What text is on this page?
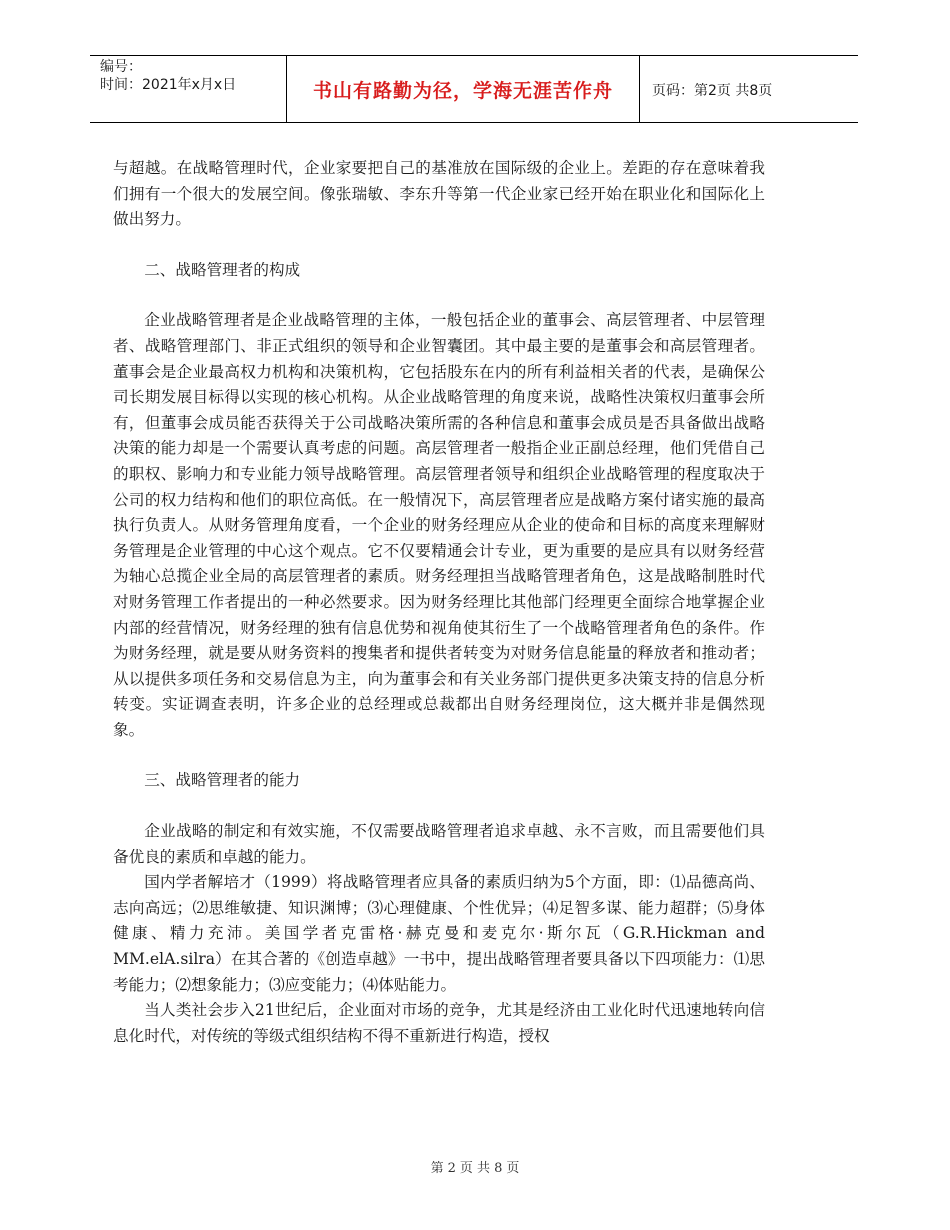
编号：
时间：2021年x月x日	书山有路勤为径，学海无涯苦作舟	页码：第2页 共8页

与超越。在战略管理时代，企业家要把自己的基准放在国际级的企业上。差距的存在意味着我们拥有一个很大的发展空间。像张瑞敏、李东升等第一代企业家已经开始在职业化和国际化上做出努力。

二、战略管理者的构成

企业战略管理者是企业战略管理的主体，一般包括企业的董事会、高层管理者、中层管理者、战略管理部门、非正式组织的领导和企业智囊团。其中最主要的是董事会和高层管理者。董事会是企业最高权力机构和决策机构，它包括股东在内的所有利益相关者的代表，是确保公司长期发展目标得以实现的核心机构。从企业战略管理的角度来说，战略性决策权归董事会所有，但董事会成员能否获得关于公司战略决策所需的各种信息和董事会成员是否具备做出战略决策的能力却是一个需要认真考虑的问题。高层管理者一般指企业正副总经理，他们凭借自己的职权、影响力和专业能力领导战略管理。高层管理者领导和组织企业战略管理的程度取决于公司的权力结构和他们的职位高低。在一般情况下，高层管理者应是战略方案付诸实施的最高执行负责人。从财务管理角度看，一个企业的财务经理应从企业的使命和目标的高度来理解财务管理是企业管理的中心这个观点。它不仅要精通会计专业，更为重要的是应具有以财务经营为轴心总揽企业全局的高层管理者的素质。财务经理担当战略管理者角色，这是战略制胜时代对财务管理工作者提出的一种必然要求。因为财务经理比其他部门经理更全面综合地掌握企业内部的经营情况，财务经理的独有信息优势和视角使其衍生了一个战略管理者角色的条件。作为财务经理，就是要从财务资料的搜集者和提供者转变为对财务信息能量的释放者和推动者；从以提供多项任务和交易信息为主，向为董事会和有关业务部门提供更多决策支持的信息分析转变。实证调查表明，许多企业的总经理或总裁都出自财务经理岗位，这大概并非是偶然现象。

三、战略管理者的能力

企业战略的制定和有效实施，不仅需要战略管理者追求卓越、永不言败，而且需要他们具备优良的素质和卓越的能力。

国内学者解培才（1999）将战略管理者应具备的素质归纳为5个方面，即：⑴品德高尚、志向高远；⑵思维敏捷、知识渊博；⑶心理健康、个性优异；⑷足智多谋、能力超群；⑸身体健康、精力充沛。美国学者克雷格·赫克曼和麦克尔·斯尔瓦（G.R.Hickman and MM.elA.silra）在其合著的《创造卓越》一书中，提出战略管理者要具备以下四项能力：⑴思考能力；⑵想象能力；⑶应变能力；⑷体贴能力。

当人类社会步入21世纪后，企业面对市场的竞争，尤其是经济由工业化时代迅速地转向信息化时代，对传统的等级式组织结构不得不重新进行构造，授权

第 2 页 共 8 页
